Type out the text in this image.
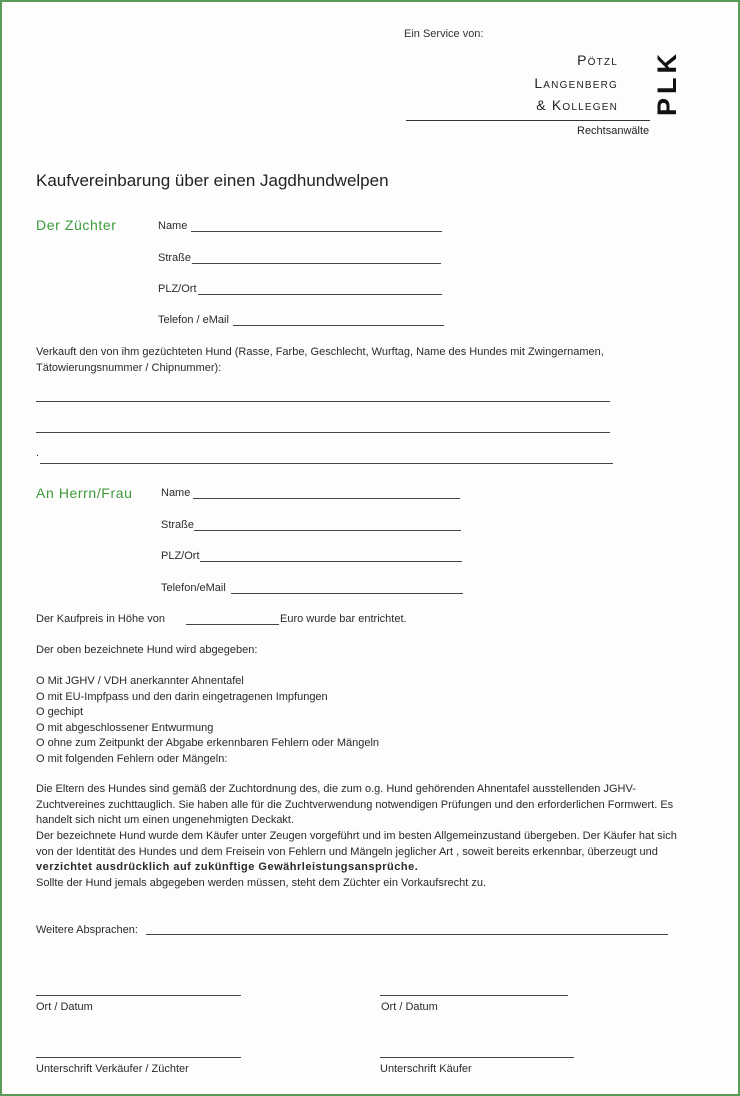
Ein Service von:
Pötzl
Langenberg
& Kollegen PLK
Rechtsanwälte
Kaufvereinbarung über einen Jagdhundwelpen
Der Züchter	Name
Straße
PLZ/Ort
Telefon / eMail
Verkauft den von ihm gezüchteten Hund (Rasse, Farbe, Geschlecht, Wurftag, Name des Hundes mit Zwingernamen, Tätowierungsnummer / Chipnummer):
.
An Herrn/Frau	Name
Straße
PLZ/Ort
Telefon/eMail
Der Kaufpreis in Höhe von	Euro wurde bar entrichtet.
Der oben bezeichnete Hund wird abgegeben:
O Mit JGHV / VDH anerkannter Ahnentafel
O mit EU-Impfpass und den darin eingetragenen Impfungen
O gechipt
O mit abgeschlossener Entwurmung
O ohne zum Zeitpunkt der Abgabe erkennbaren Fehlern oder Mängeln
O mit folgenden Fehlern oder Mängeln:
Die Eltern des Hundes sind gemäß der Zuchtordnung des, die zum o.g. Hund gehörenden Ahnentafel ausstellenden JGHV-Zuchtvereines zuchttauglich. Sie haben alle für die Zuchtverwendung notwendigen Prüfungen und den erforderlichen Formwert. Es handelt sich nicht um einen ungenehmigten Deckakt.
Der bezeichnete Hund wurde dem Käufer unter Zeugen vorgeführt und im besten Allgemeinzustand übergeben. Der Käufer hat sich von der Identität des Hundes und dem Freisein von Fehlern und Mängeln jeglicher Art , soweit bereits erkennbar, überzeugt und verzichtet ausdrücklich auf zukünftige Gewährleistungsansprüche.
Sollte der Hund jemals abgegeben werden müssen, steht dem Züchter ein Vorkaufsrecht zu.
Weitere Absprachen:
Ort / Datum	Ort / Datum
Unterschrift Verkäufer / Züchter	Unterschrift Käufer
